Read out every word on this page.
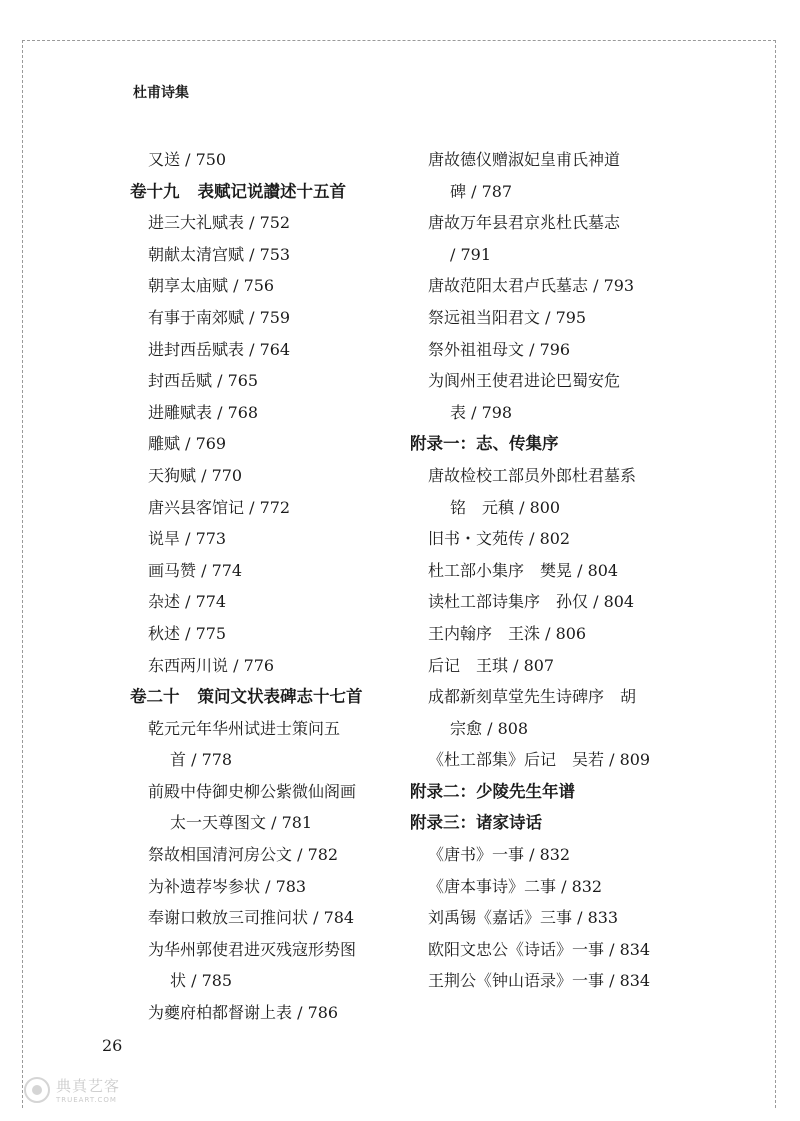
杜甫诗集
又送 / 750
卷十九 表赋记说讃述十五首
进三大礼赋表 / 752
朝献太清宫赋 / 753
朝享太庙赋 / 756
有事于南郊赋 / 759
进封西岳赋表 / 764
封西岳赋 / 765
进雕赋表 / 768
雕赋 / 769
天狗赋 / 770
唐兴县客馆记 / 772
说旱 / 773
画马赞 / 774
杂述 / 774
秋述 / 775
东西两川说 / 776
卷二十 策问文状表碑志十七首
乾元元年华州试进士策问五
首 / 778
前殿中侍御史柳公紫微仙阁画
太一天尊图文 / 781
祭故相国清河房公文 / 782
为补遗荐岑参状 / 783
奉谢口敕放三司推问状 / 784
为华州郭使君进灭残寇形势图
状 / 785
为夔府柏都督谢上表 / 786
唐故德仪赠淑妃皇甫氏神道
碑 / 787
唐故万年县君京兆杜氏墓志
/ 791
唐故范阳太君卢氏墓志 / 793
祭远祖当阳君文 / 795
祭外祖祖母文 / 796
为阆州王使君进论巴蜀安危
表 / 798
附录一：志、传集序
唐故检校工部员外郎杜君墓系
铭　元稹 / 800
旧书・文苑传 / 802
杜工部小集序　樊晃 / 804
读杜工部诗集序　孙仅 / 804
王内翰序　王洙 / 806
后记　王琪 / 807
成都新刻草堂先生诗碑序　胡
宗愈 / 808
《杜工部集》后记　吴若 / 809
附录二：少陵先生年谱
附录三：诸家诗话
《唐书》一事 / 832
《唐本事诗》二事 / 832
刘禹锡《嘉话》三事 / 833
欧阳文忠公《诗话》一事 / 834
王荆公《钟山语录》一事 / 834
26
典真艺客
TRUEART.COM
